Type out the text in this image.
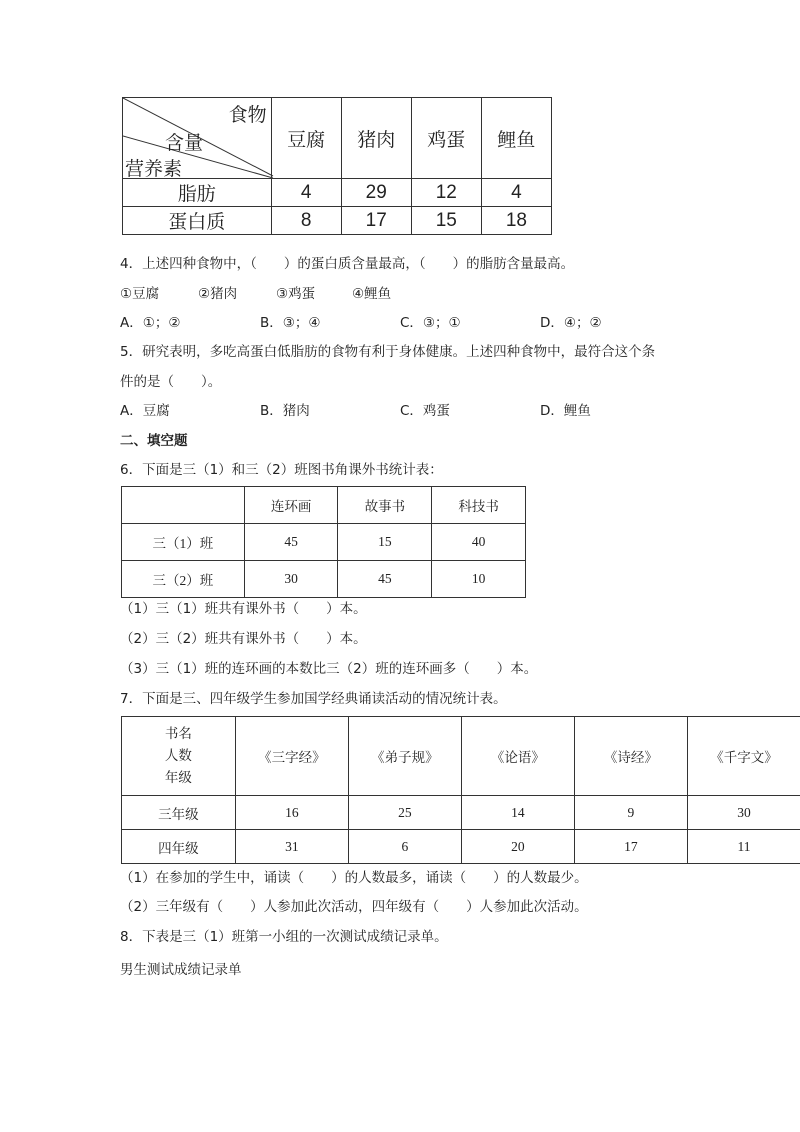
食物
含量
营养素	豆腐	猪肉	鸡蛋	鲤鱼
脂肪	4	29	12	4
蛋白质	8	17	15	18
4．上述四种食物中，（　　）的蛋白质含量最高，（　　）的脂肪含量最高。
①豆腐	②猪肉	③鸡蛋	④鲤鱼
A．①；②	B．③；④	C．③；①	D．④；②
5．研究表明，多吃高蛋白低脂肪的食物有利于身体健康。上述四种食物中，最符合这个条
件的是（　　）。
A．豆腐	B．猪肉	C．鸡蛋	D．鲤鱼
二、填空题
6．下面是三（1）和三（2）班图书角课外书统计表：
	连环画	故事书	科技书
三（1）班	45	15	40
三（2）班	30	45	10
（1）三（1）班共有课外书（　　）本。
（2）三（2）班共有课外书（　　）本。
（3）三（1）班的连环画的本数比三（2）班的连环画多（　　）本。
7．下面是三、四年级学生参加国学经典诵读活动的情况统计表。
书名
人数
年级	《三字经》	《弟子规》	《论语》	《诗经》	《千字文》
三年级	16	25	14	9	30
四年级	31	6	20	17	11
（1）在参加的学生中，诵读（　　）的人数最多，诵读（　　）的人数最少。
（2）三年级有（　　）人参加此次活动，四年级有（　　）人参加此次活动。
8．下表是三（1）班第一小组的一次测试成绩记录单。
男生测试成绩记录单
